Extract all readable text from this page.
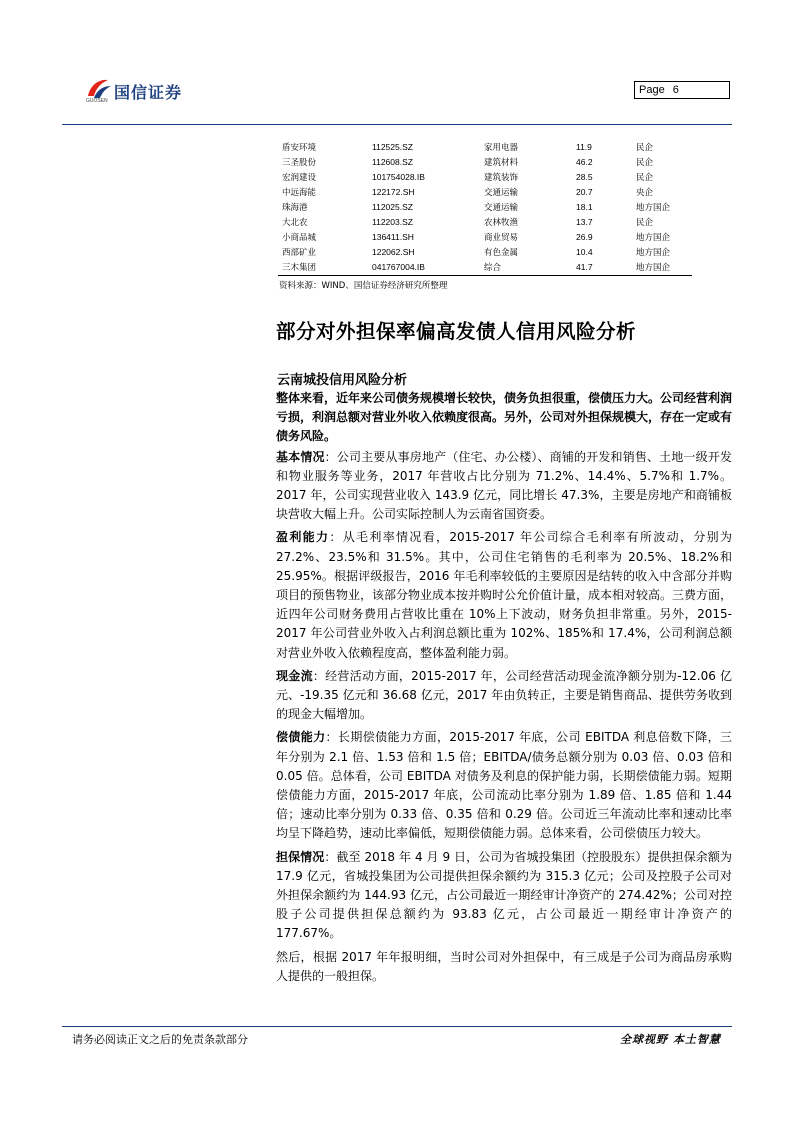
国信证券
GUOSEN
Page 6
盾安环境	112525.SZ	家用电器	11.9	民企
三圣股份	112608.SZ	建筑材料	46.2	民企
宏润建设	101754028.IB	建筑装饰	28.5	民企
中远海能	122172.SH	交通运输	20.7	央企
珠海港	112025.SZ	交通运输	18.1	地方国企
大北农	112203.SZ	农林牧渔	13.7	民企
小商品城	136411.SH	商业贸易	26.9	地方国企
西部矿业	122062.SH	有色金属	10.4	地方国企
三木集团	041767004.IB	综合	41.7	地方国企
资料来源：WIND、国信证券经济研究所整理
部分对外担保率偏高发债人信用风险分析
云南城投信用风险分析

整体来看，近年来公司债务规模增长较快，债务负担很重，偿债压力大。公司经营利润亏损，利润总额对营业外收入依赖度很高。另外，公司对外担保规模大，存在一定或有债务风险。

基本情况：公司主要从事房地产（住宅、办公楼）、商铺的开发和销售、土地一级开发和物业服务等业务，2017 年营收占比分别为 71.2%、14.4%、5.7%和 1.7%。2017 年，公司实现营业收入 143.9 亿元，同比增长 47.3%，主要是房地产和商铺板块营收大幅上升。公司实际控制人为云南省国资委。

盈利能力：从毛利率情况看，2015-2017 年公司综合毛利率有所波动，分别为 27.2%、23.5%和 31.5%。其中，公司住宅销售的毛利率为 20.5%、18.2%和 25.95%。根据评级报告，2016 年毛利率较低的主要原因是结转的收入中含部分并购项目的预售物业，该部分物业成本按并购时公允价值计量，成本相对较高。三费方面，近四年公司财务费用占营收比重在 10%上下波动，财务负担非常重。另外，2015-2017 年公司营业外收入占利润总额比重为 102%、185%和 17.4%，公司利润总额对营业外收入依赖程度高，整体盈利能力弱。

现金流：经营活动方面，2015-2017 年，公司经营活动现金流净额分别为-12.06 亿元、-19.35 亿元和 36.68 亿元，2017 年由负转正，主要是销售商品、提供劳务收到的现金大幅增加。

偿债能力：长期偿债能力方面，2015-2017 年底，公司 EBITDA 利息倍数下降，三年分别为 2.1 倍、1.53 倍和 1.5 倍；EBITDA/债务总额分别为 0.03 倍、0.03 倍和 0.05 倍。总体看，公司 EBITDA 对债务及利息的保护能力弱，长期偿债能力弱。短期偿债能力方面，2015-2017 年底，公司流动比率分别为 1.89 倍、1.85 倍和 1.44 倍；速动比率分别为 0.33 倍、0.35 倍和 0.29 倍。公司近三年流动比率和速动比率均呈下降趋势，速动比率偏低，短期偿债能力弱。总体来看，公司偿债压力较大。

担保情况：截至 2018 年 4 月 9 日，公司为省城投集团（控股股东）提供担保余额为 17.9 亿元，省城投集团为公司提供担保余额约为 315.3 亿元；公司及控股子公司对外担保余额约为 144.93 亿元，占公司最近一期经审计净资产的 274.42%；公司对控股子公司提供担保总额约为 93.83 亿元，占公司最近一期经审计净资产的 177.67%。

然后，根据 2017 年年报明细，当时公司对外担保中，有三成是子公司为商品房承购人提供的一般担保。

请务必阅读正文之后的免责条款部分	全球视野 本土智慧
